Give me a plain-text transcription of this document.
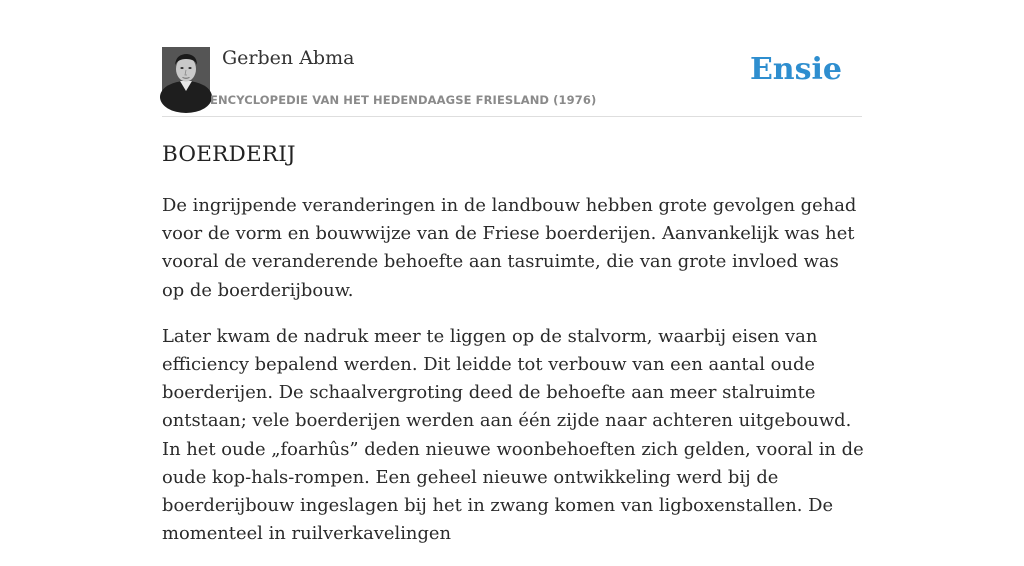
Gerben Abma
ENCYCLOPEDIE VAN HET HEDENDAAGSE FRIESLAND (1976)
Ensie
BOERDERIJ

De ingrijpende veranderingen in de landbouw hebben grote gevolgen gehad voor de vorm en bouwwijze van de Friese boerderijen. Aanvankelijk was het vooral de veranderende behoefte aan tasruimte, die van grote invloed was op de boerderijbouw.

Later kwam de nadruk meer te liggen op de stalvorm, waarbij eisen van efficiency bepalend werden. Dit leidde tot verbouw van een aantal oude boerderijen. De schaalvergroting deed de behoefte aan meer stalruimte ontstaan; vele boerderijen werden aan één zijde naar achteren uitgebouwd. In het oude „foarhûs” deden nieuwe woonbehoeften zich gelden, vooral in de oude kop-hals-rompen. Een geheel nieuwe ontwikkeling werd bij de boerderijbouw ingeslagen bij het in zwang komen van ligboxenstallen. De momenteel in ruilverkavelingen
